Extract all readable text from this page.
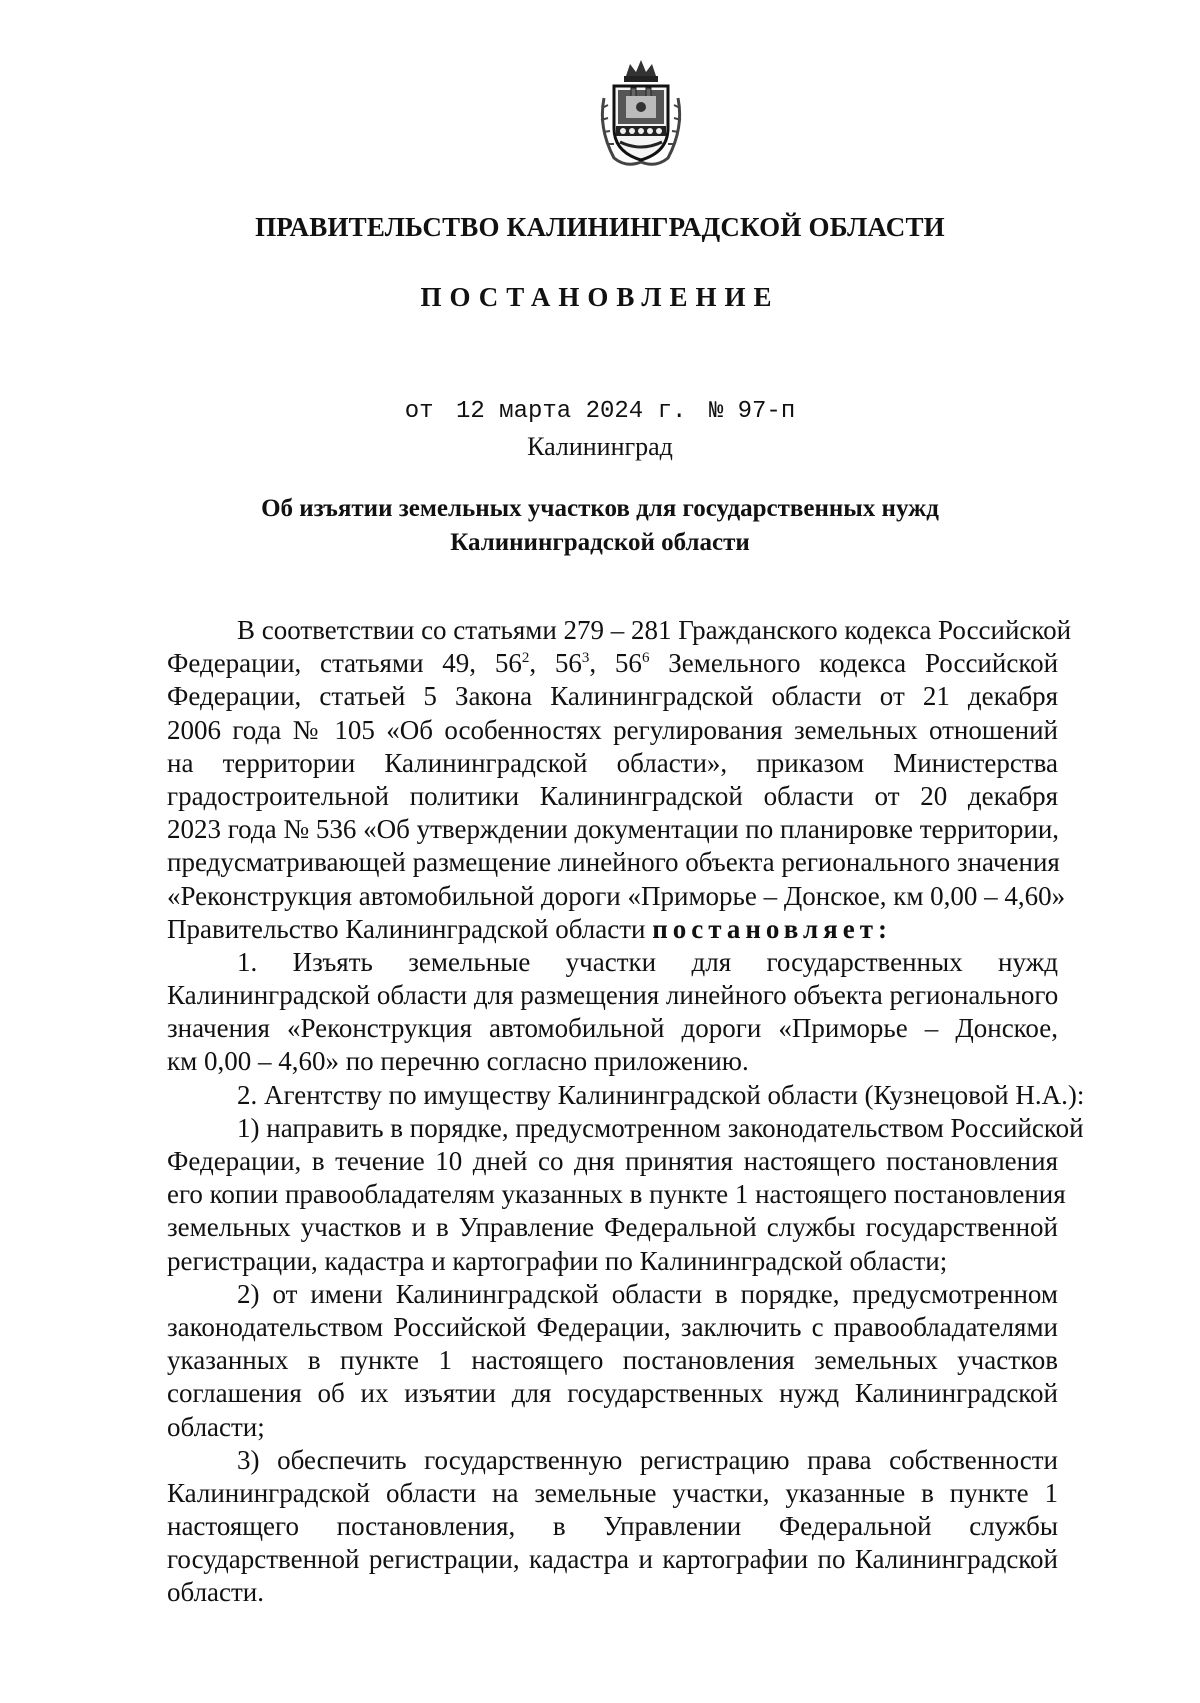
ПРАВИТЕЛЬСТВО КАЛИНИНГРАДСКОЙ ОБЛАСТИ
ПОСТАНОВЛЕНИЕ
от 12 марта 2024 г. № 97-п
Калининград
Об изъятии земельных участков для государственных нужд
Калининградской области
В соответствии со статьями 279 – 281 Гражданского кодекса Российской
Федерации, статьями 49, $56^2$, $56^3$, $56^6$ Земельного кодекса Российской
Федерации, статьей 5 Закона Калининградской области от 21 декабря
2006 года № 105 «Об особенностях регулирования земельных отношений
на территории Калининградской области», приказом Министерства
градостроительной политики Калининградской области от 20 декабря
2023 года № 536 «Об утверждении документации по планировке территории,
предусматривающей размещение линейного объекта регионального значения
«Реконструкция автомобильной дороги «Приморье – Донское, км 0,00 – 4,60»
Правительство Калининградской области постановляет:
1. Изъять земельные участки для государственных нужд
Калининградской области для размещения линейного объекта регионального
значения «Реконструкция автомобильной дороги «Приморье – Донское,
км 0,00 – 4,60» по перечню согласно приложению.
2. Агентству по имуществу Калининградской области (Кузнецовой Н.А.):
1) направить в порядке, предусмотренном законодательством Российской
Федерации, в течение 10 дней со дня принятия настоящего постановления
его копии правообладателям указанных в пункте 1 настоящего постановления
земельных участков и в Управление Федеральной службы государственной
регистрации, кадастра и картографии по Калининградской области;
2) от имени Калининградской области в порядке, предусмотренном
законодательством Российской Федерации, заключить с правообладателями
указанных в пункте 1 настоящего постановления земельных участков
соглашения об их изъятии для государственных нужд Калининградской
области;
3) обеспечить государственную регистрацию права собственности
Калининградской области на земельные участки, указанные в пункте 1
настоящего постановления, в Управлении Федеральной службы
государственной регистрации, кадастра и картографии по Калининградской
области.
